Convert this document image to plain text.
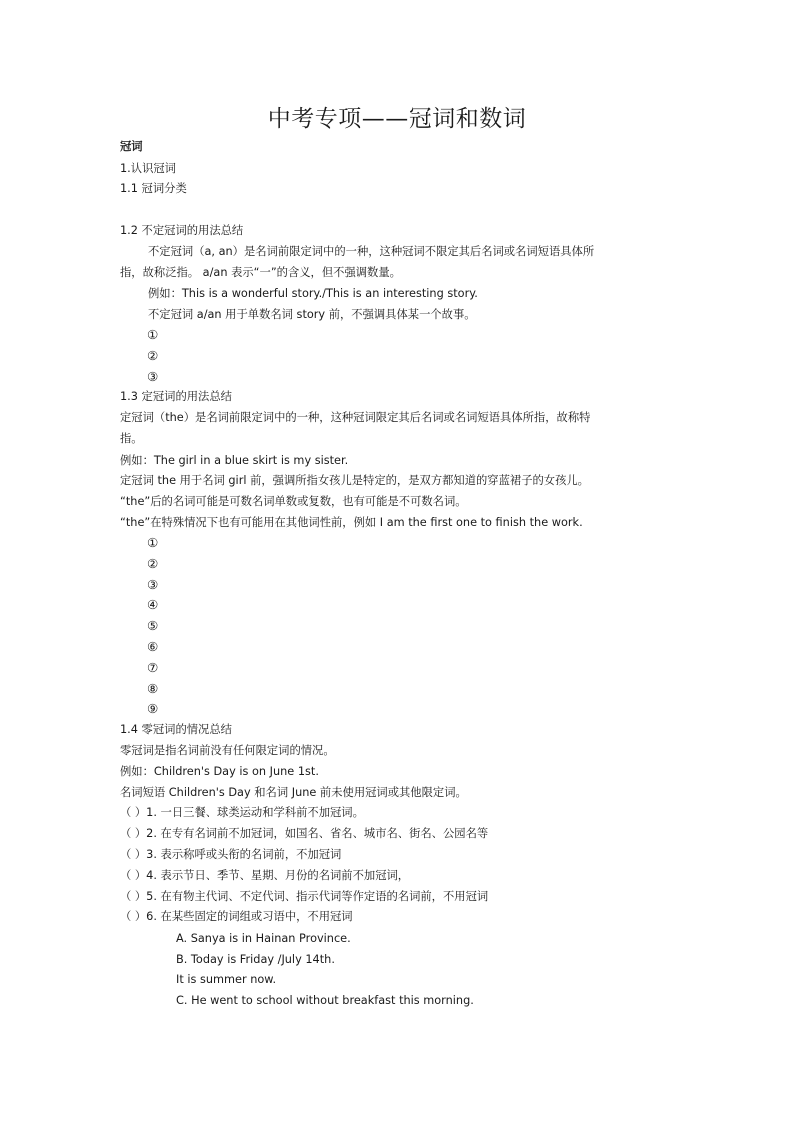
中考专项——冠词和数词
冠词
1.认识冠词
1.1 冠词分类
1.2 不定冠词的用法总结
不定冠词（a, an）是名词前限定词中的一种，这种冠词不限定其后名词或名词短语具体所
指，故称泛指。 a/an 表示“一”的含义，但不强调数量。
例如：This is a wonderful story./This is an interesting story.
不定冠词 a/an 用于单数名词 story 前，不强调具体某一个故事。
①
②
③
1.3 定冠词的用法总结
定冠词（the）是名词前限定词中的一种，这种冠词限定其后名词或名词短语具体所指，故称特
指。
例如：The girl in a blue skirt is my sister.
定冠词 the 用于名词 girl 前，强调所指女孩儿是特定的，是双方都知道的穿蓝裙子的女孩儿。
“the”后的名词可能是可数名词单数或复数，也有可能是不可数名词。
“the”在特殊情况下也有可能用在其他词性前，例如 I am the first one to finish the work.
①
②
③
④
⑤
⑥
⑦
⑧
⑨
1.4 零冠词的情况总结
零冠词是指名词前没有任何限定词的情况。
例如：Children's Day is on June 1st.
名词短语 Children's Day 和名词 June 前未使用冠词或其他限定词。
（ ）1. 一日三餐、球类运动和学科前不加冠词。
（ ）2. 在专有名词前不加冠词，如国名、省名、城市名、街名、公园名等
（ ）3. 表示称呼或头衔的名词前，不加冠词
（ ）4. 表示节日、季节、星期、月份的名词前不加冠词，
（ ）5. 在有物主代词、不定代词、指示代词等作定语的名词前，不用冠词
（ ）6. 在某些固定的词组或习语中，不用冠词
A. Sanya is in Hainan Province.
B. Today is Friday /July 14th.
It is summer now.
C. He went to school without breakfast this morning.
